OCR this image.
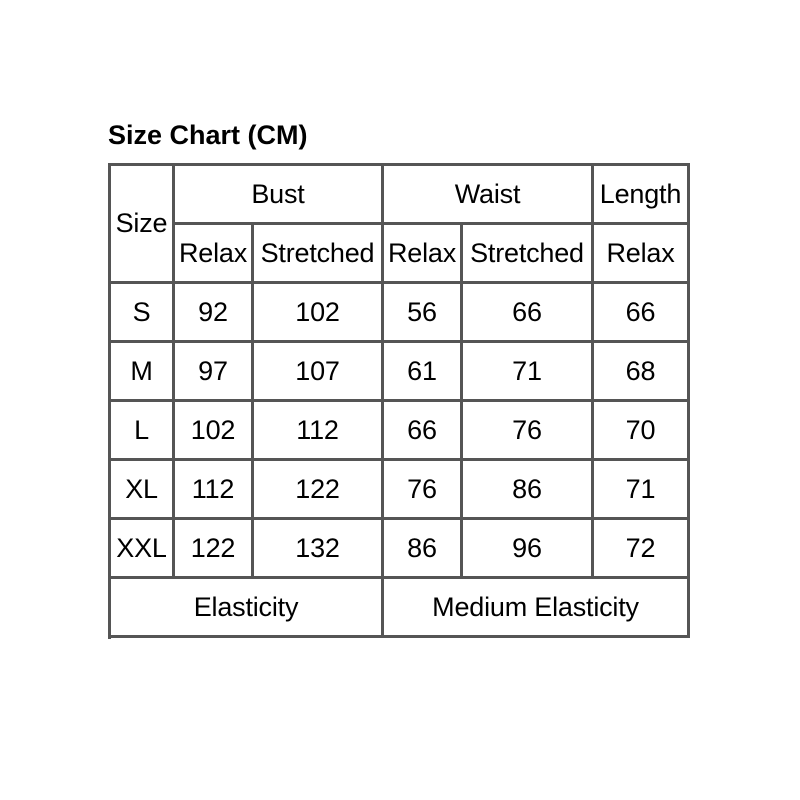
Size Chart (CM)
Size
Bust	Waist	Length
Relax Stretched Relax Stretched Relax
S	92	102	56	66	66
M	97	107	61	71	68
L	102	112	66	76	70
XL	112	122	76	86	71
XXL 122	132	86	96	72
Elasticity	Medium Elasticity
